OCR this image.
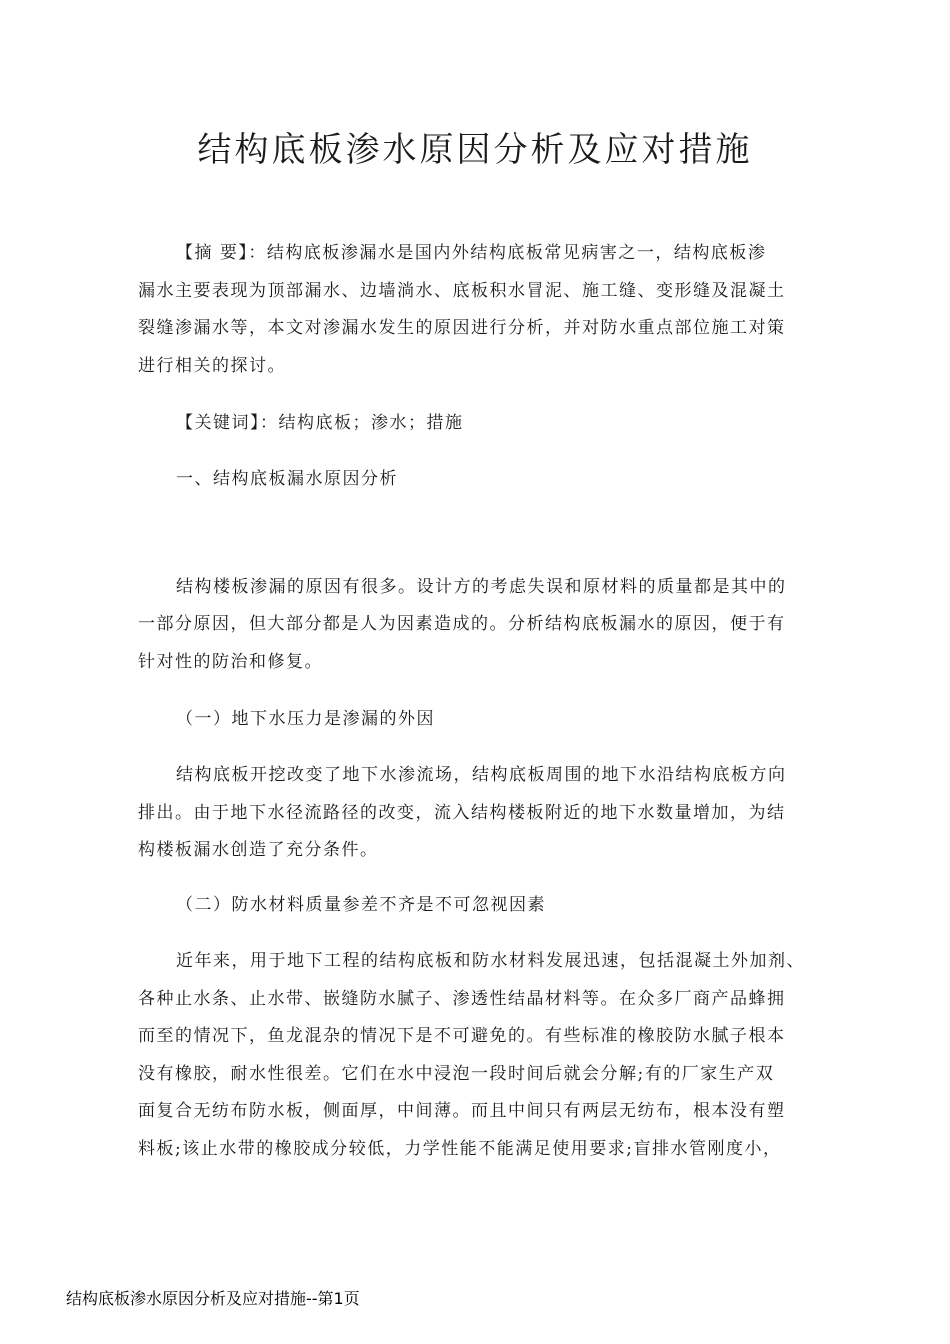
结构底板渗水原因分析及应对措施
【摘 要】：结构底板渗漏水是国内外结构底板常见病害之一，结构底板渗
漏水主要表现为顶部漏水、边墙淌水、底板积水冒泥、施工缝、变形缝及混凝土
裂缝渗漏水等，本文对渗漏水发生的原因进行分析，并对防水重点部位施工对策
进行相关的探讨。
【关键词】：结构底板；渗水；措施
一、结构底板漏水原因分析
结构楼板渗漏的原因有很多。设计方的考虑失误和原材料的质量都是其中的
一部分原因，但大部分都是人为因素造成的。分析结构底板漏水的原因，便于有
针对性的防治和修复。
（一）地下水压力是渗漏的外因
结构底板开挖改变了地下水渗流场，结构底板周围的地下水沿结构底板方向
排出。由于地下水径流路径的改变，流入结构楼板附近的地下水数量增加，为结
构楼板漏水创造了充分条件。
（二）防水材料质量参差不齐是不可忽视因素
近年来，用于地下工程的结构底板和防水材料发展迅速，包括混凝土外加剂、
各种止水条、止水带、嵌缝防水腻子、渗透性结晶材料等。在众多厂商产品蜂拥
而至的情况下，鱼龙混杂的情况下是不可避免的。有些标准的橡胶防水腻子根本
没有橡胶，耐水性很差。它们在水中浸泡一段时间后就会分解;有的厂家生产双
面复合无纺布防水板，侧面厚，中间薄。而且中间只有两层无纺布，根本没有塑
料板;该止水带的橡胶成分较低，力学性能不能满足使用要求;盲排水管刚度小，
结构底板渗水原因分析及应对措施--第1页
